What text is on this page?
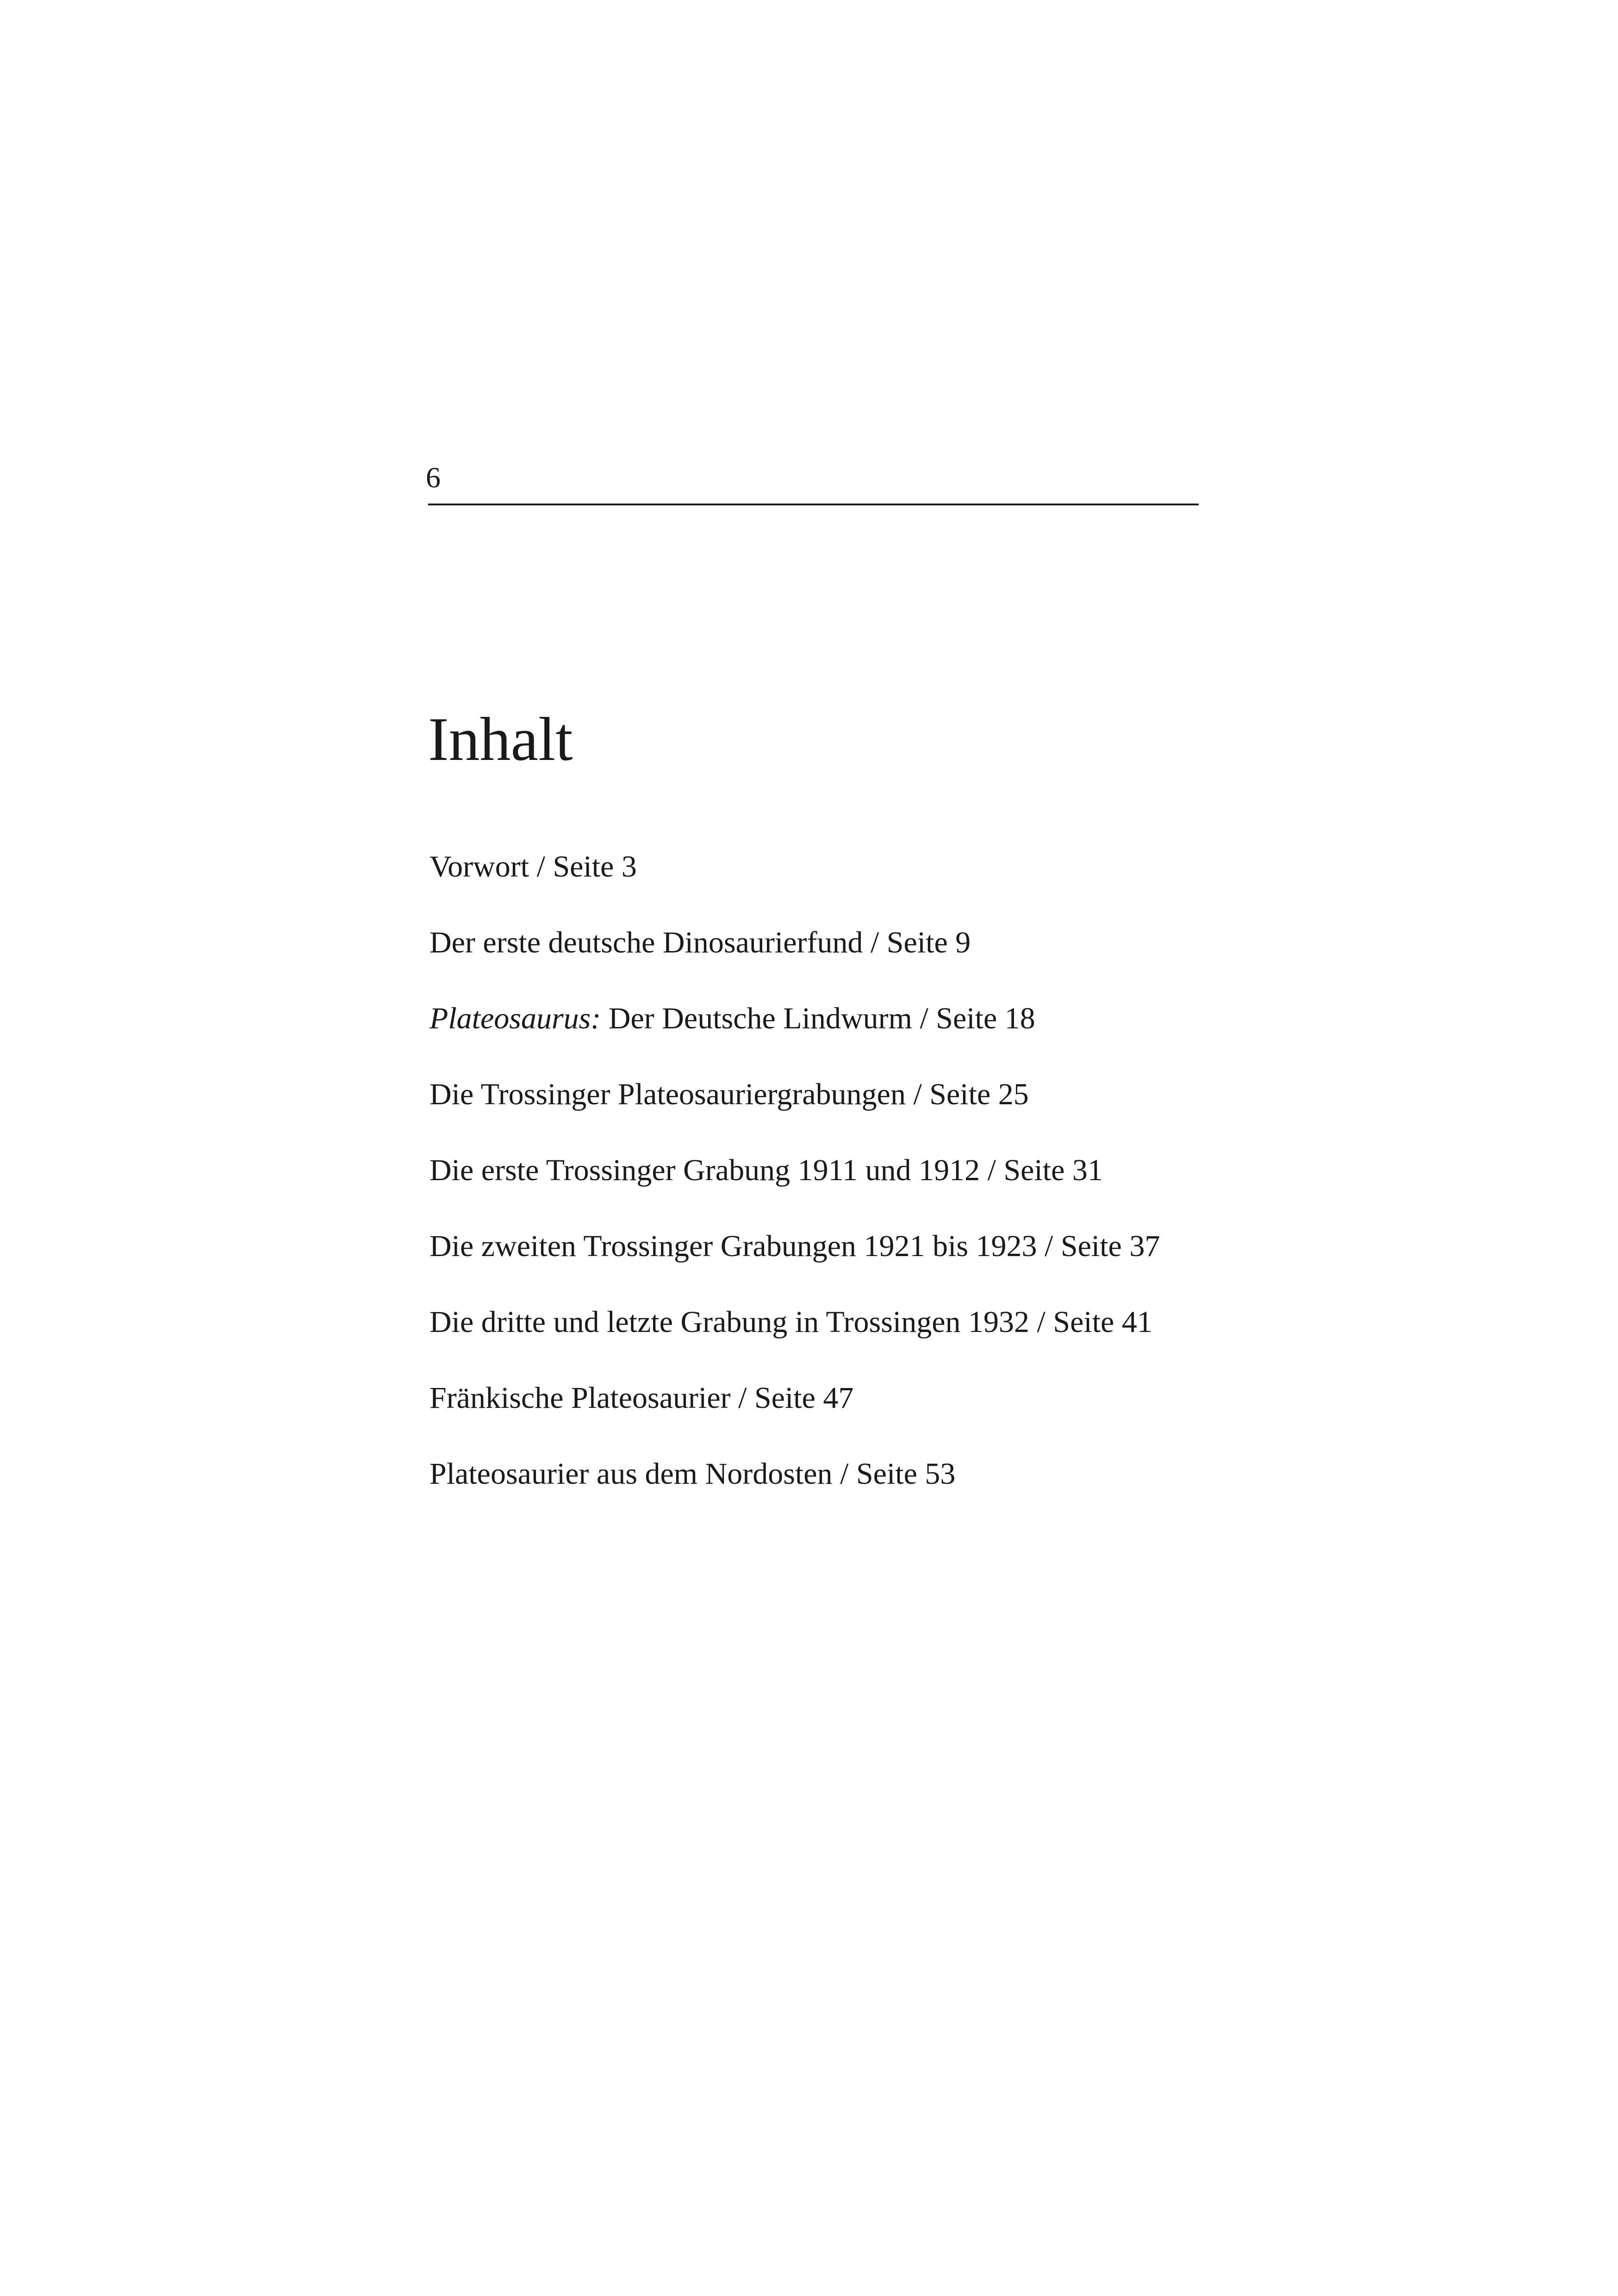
6
Inhalt
Vorwort / Seite 3
Der erste deutsche Dinosaurierfund / Seite 9
Plateosaurus: Der Deutsche Lindwurm / Seite 18
Die Trossinger Plateosauriergrabungen / Seite 25
Die erste Trossinger Grabung 1911 und 1912 / Seite 31
Die zweiten Trossinger Grabungen 1921 bis 1923 / Seite 37
Die dritte und letzte Grabung in Trossingen 1932 / Seite 41
Fränkische Plateosaurier / Seite 47
Plateosaurier aus dem Nordosten / Seite 53
